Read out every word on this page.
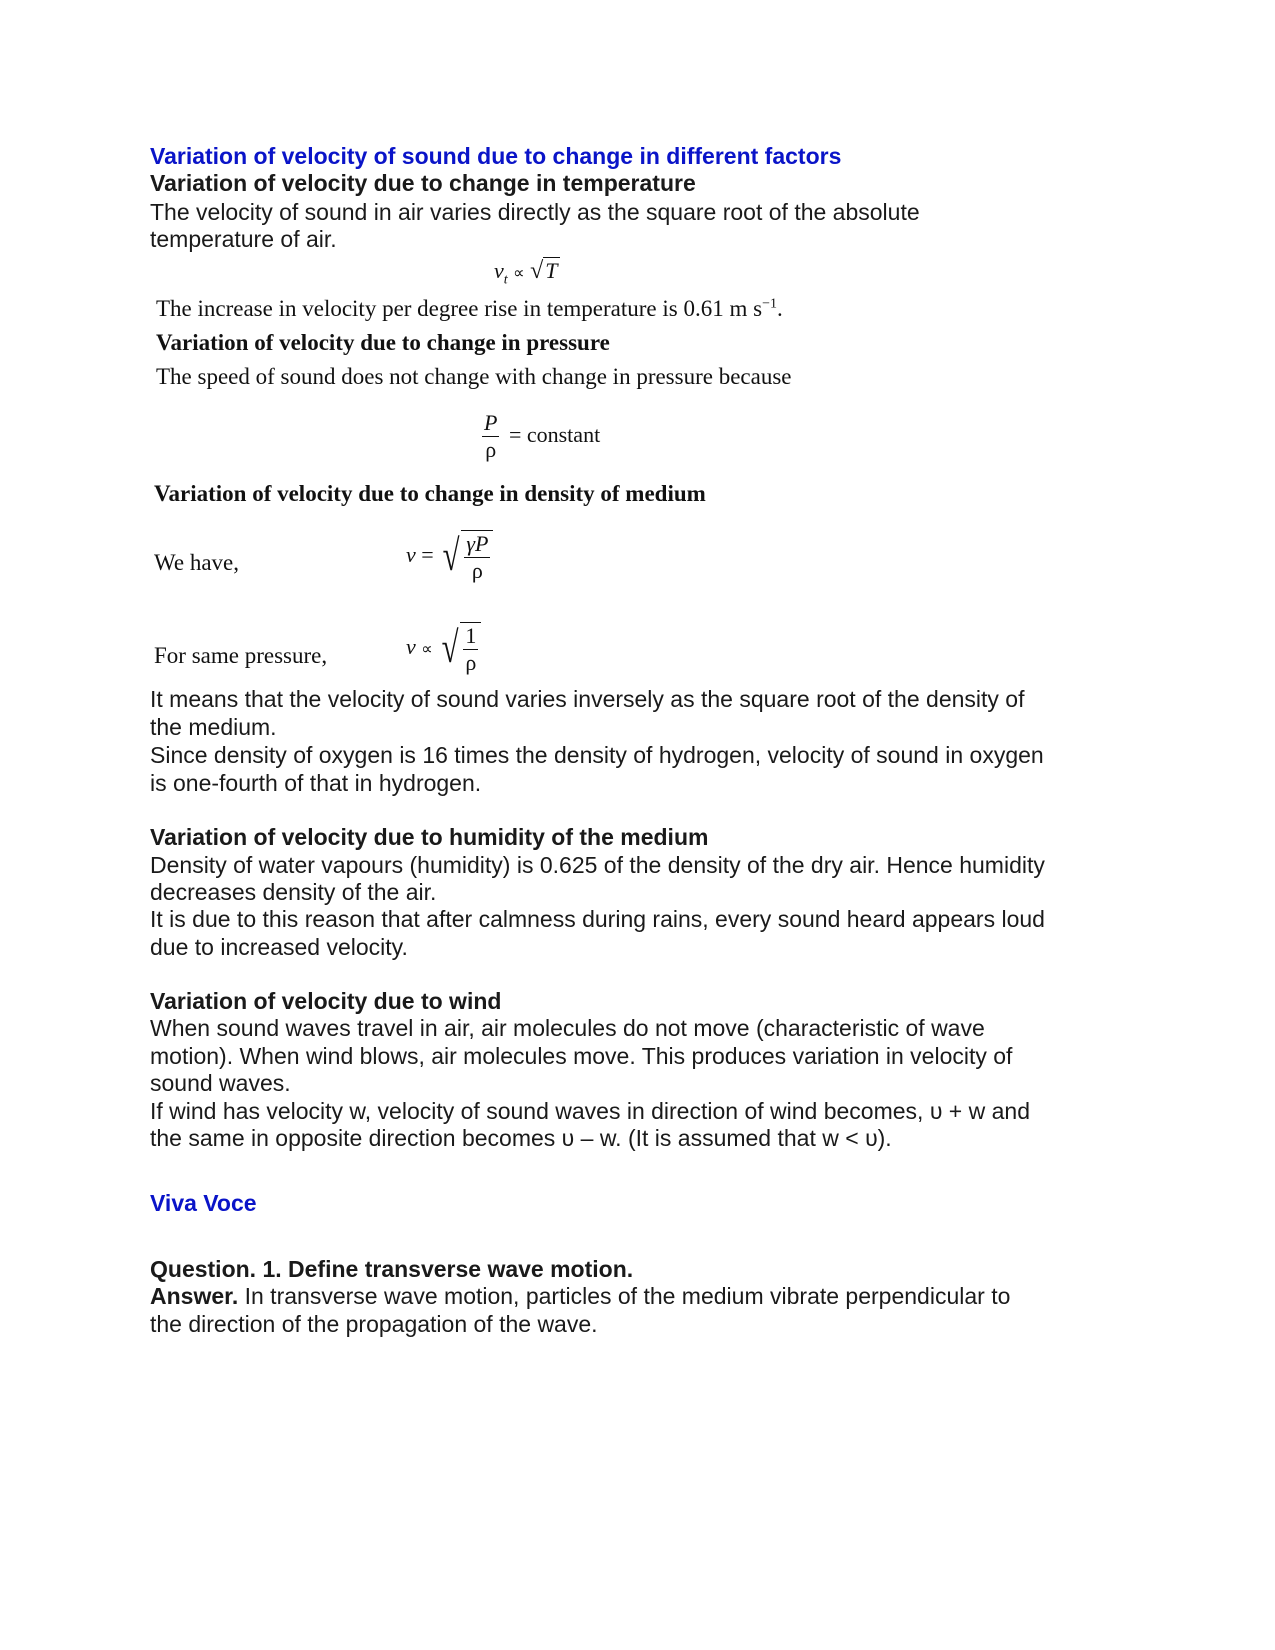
Variation of velocity of sound due to change in different factors
Variation of velocity due to change in temperature
The velocity of sound in air varies directly as the square root of the absolute
temperature of air.
$v_t \propto √T$
The increase in velocity per degree rise in temperature is 0.61 m $s^{-1}$.
Variation of velocity due to change in pressure
The speed of sound does not change with change in pressure because
$\frac{P}{\rho}$ = constant
Variation of velocity due to change in density of medium
We have,	v = √ $\frac{\gamma P}{\rho}$
For same pressure,	v ∝ √ $\frac{1}{\rho}$
It means that the velocity of sound varies inversely as the square root of the density of
the medium.
Since density of oxygen is 16 times the density of hydrogen, velocity of sound in oxygen
is one-fourth of that in hydrogen.
Variation of velocity due to humidity of the medium
Density of water vapours (humidity) is 0.625 of the density of the dry air. Hence humidity
decreases density of the air.
It is due to this reason that after calmness during rains, every sound heard appears loud
due to increased velocity.
Variation of velocity due to wind
When sound waves travel in air, air molecules do not move (characteristic of wave
motion). When wind blows, air molecules move. This produces variation in velocity of
sound waves.
If wind has velocity w, velocity of sound waves in direction of wind becomes, υ + w and
the same in opposite direction becomes υ – w. (It is assumed that w < υ).
Viva Voce
Question. 1. Define transverse wave motion.
Answer. In transverse wave motion, particles of the medium vibrate perpendicular to
the direction of the propagation of the wave.
